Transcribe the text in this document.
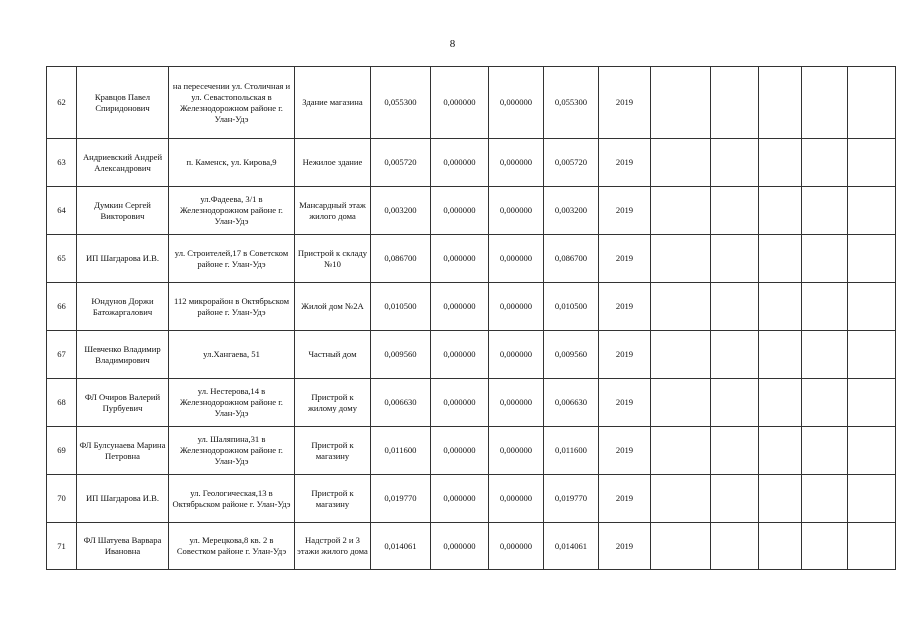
8
62	Кравцов Павел Спиридонович	на пересечении ул. Столичная и ул. Севастопольская в Железнодорожном районе г. Улан-Удэ	Здание магазина	0,055300	0,000000	0,000000	0,055300	2019					
63	Андриевский Андрей Александрович	п. Каменск, ул. Кирова,9	Нежилое здание	0,005720	0,000000	0,000000	0,005720	2019					
64	Думкин Сергей Викторович	ул.Фадеева, 3/1 в Железнодорожном районе г. Улан-Удэ	Мансардный этаж жилого дома	0,003200	0,000000	0,000000	0,003200	2019					
65	ИП Шагдарова И.В.	ул. Строителей,17 в Советском районе г. Улан-Удэ	Пристрой к складу №10	0,086700	0,000000	0,000000	0,086700	2019					
66	Юндунов Доржи Батожаргалович	112 микрорайон в Октябрьском районе г. Улан-Удэ	Жилой дом №2А	0,010500	0,000000	0,000000	0,010500	2019					
67	Шевченко Владимир Владимирович	ул.Хангаева, 51	Частный дом	0,009560	0,000000	0,000000	0,009560	2019					
68	ФЛ Очиров Валерий Пурбуевич	ул. Нестерова,14 в Железнодорожном районе г. Улан-Удэ	Пристрой к жилому дому	0,006630	0,000000	0,000000	0,006630	2019					
69	ФЛ Булсунаева Марина Петровна	ул. Шаляпина,31 в Железнодорожном районе г. Улан-Удэ	Пристрой к магазину	0,011600	0,000000	0,000000	0,011600	2019					
70	ИП Шагдарова И.В.	ул. Геологическая,13 в Октябрьском районе г. Улан-Удэ	Пристрой к магазину	0,019770	0,000000	0,000000	0,019770	2019					
71	ФЛ Шатуева Варвара Ивановна	ул. Мерецкова,8 кв. 2 в Совестком районе г. Улан-Удэ	Надстрой 2 и 3 этажи жилого дома	0,014061	0,000000	0,000000	0,014061	2019					
